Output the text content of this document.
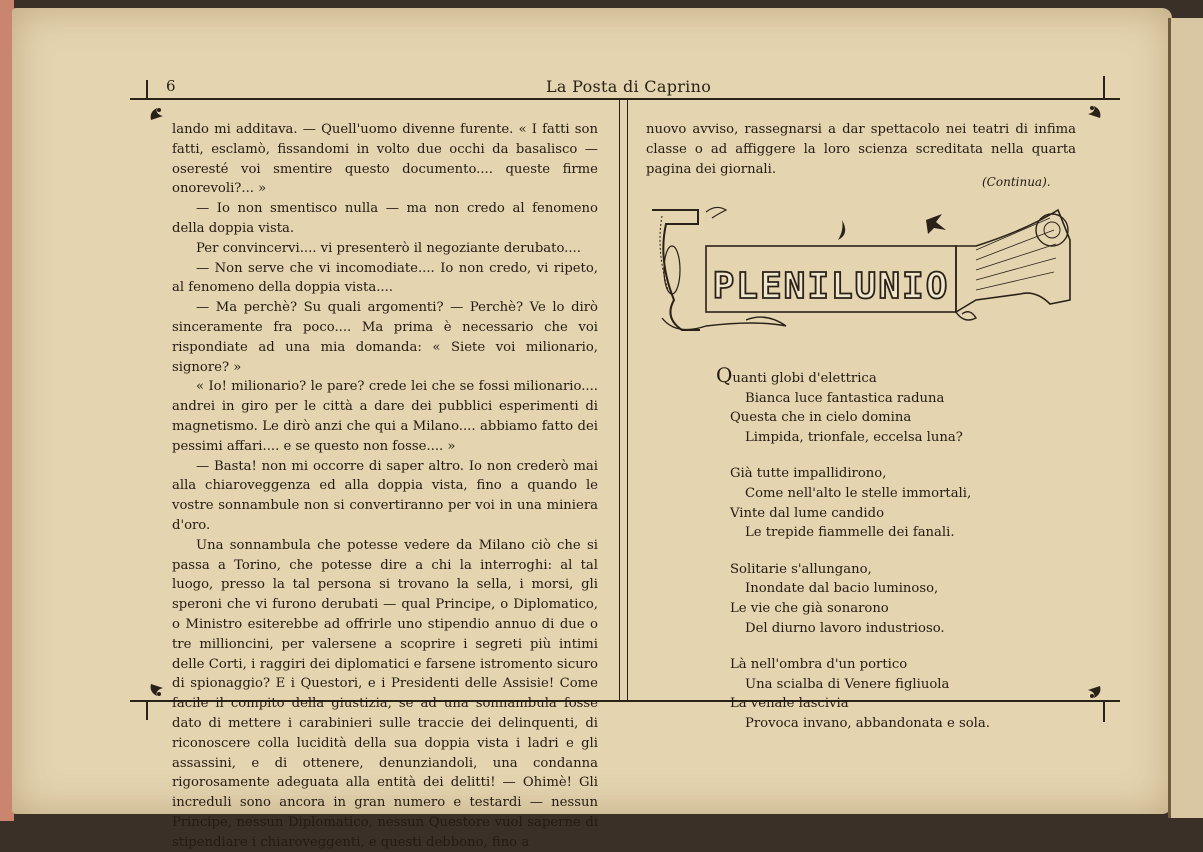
6	La Posta di Caprino

lando mi additava. — Quell'uomo divenne furente. « I fatti son fatti, esclamò, fissandomi in volto due occhi da basalisco — oseresté voi smentire questo documento.... queste firme onorevoli?... »

— Io non smentisco nulla — ma non credo al fenomeno della doppia vista.

Per convincervi.... vi presenterò il negoziante derubato....

— Non serve che vi incomodiate.... Io non credo, vi ripeto, al fenomeno della doppia vista....

— Ma perchè? Su quali argomenti? — Perchè? Ve lo dirò sinceramente fra poco.... Ma prima è necessario che voi rispondiate ad una mia domanda: « Siete voi milionario, signore? »

« Io! milionario? le pare? crede lei che se fossi milionario.... andrei in giro per le città a dare dei pubblici esperimenti di magnetismo. Le dirò anzi che qui a Milano.... abbiamo fatto dei pessimi affari.... e se questo non fosse.... »

— Basta! non mi occorre di saper altro. Io non crederò mai alla chiaroveggenza ed alla doppia vista, fino a quando le vostre sonnambule non si convertiranno per voi in una miniera d'oro.

Una sonnambula che potesse vedere da Milano ciò che si passa a Torino, che potesse dire a chi la interroghi: al tal luogo, presso la tal persona si trovano la sella, i morsi, gli speroni che vi furono derubati — qual Principe, o Diplomatico, o Ministro esiterebbe ad offrirle uno stipendio annuo di due o tre millioncini, per valersene a scoprire i segreti più intimi delle Corti, i raggiri dei diplomatici e farsene istromento sicuro di spionaggio? E i Questori, e i Presidenti delle Assisie! Come facile il compito della giustizia, se ad una sonnambula fosse dato di mettere i carabinieri sulle traccie dei delinquenti, di riconoscere colla lucidità della sua doppia vista i ladri e gli assassini, e di ottenere, denunziandoli, una condanna rigorosamente adeguata alla entità dei delitti! — Ohimè! Gli increduli sono ancora in gran numero e testardi — nessun Principe, nessun Diplomatico, nessun Questore vuol saperne di stipendiare i chiaroveggenti, e questi debbono, fino a

nuovo avviso, rassegnarsi a dar spettacolo nei teatri di infima classe o ad affiggere la loro scienza screditata nella quarta pagina dei giornali.

(Continua).
PLENILUNIO
Quanti globi d'elettrica
Bianca luce fantastica raduna
Questa che in cielo domina
Limpida, trionfale, eccelsa luna?
Già tutte impallidirono,
Come nell'alto le stelle immortali,
Vinte dal lume candido
Le trepide fiammelle dei fanali.
Solitarie s'allungano,
Inondate dal bacio luminoso,
Le vie che già sonarono
Del diurno lavoro industrioso.
Là nell'ombra d'un portico
Una scialba di Venere figliuola
La venale lascivia
Provoca invano, abbandonata e sola.
